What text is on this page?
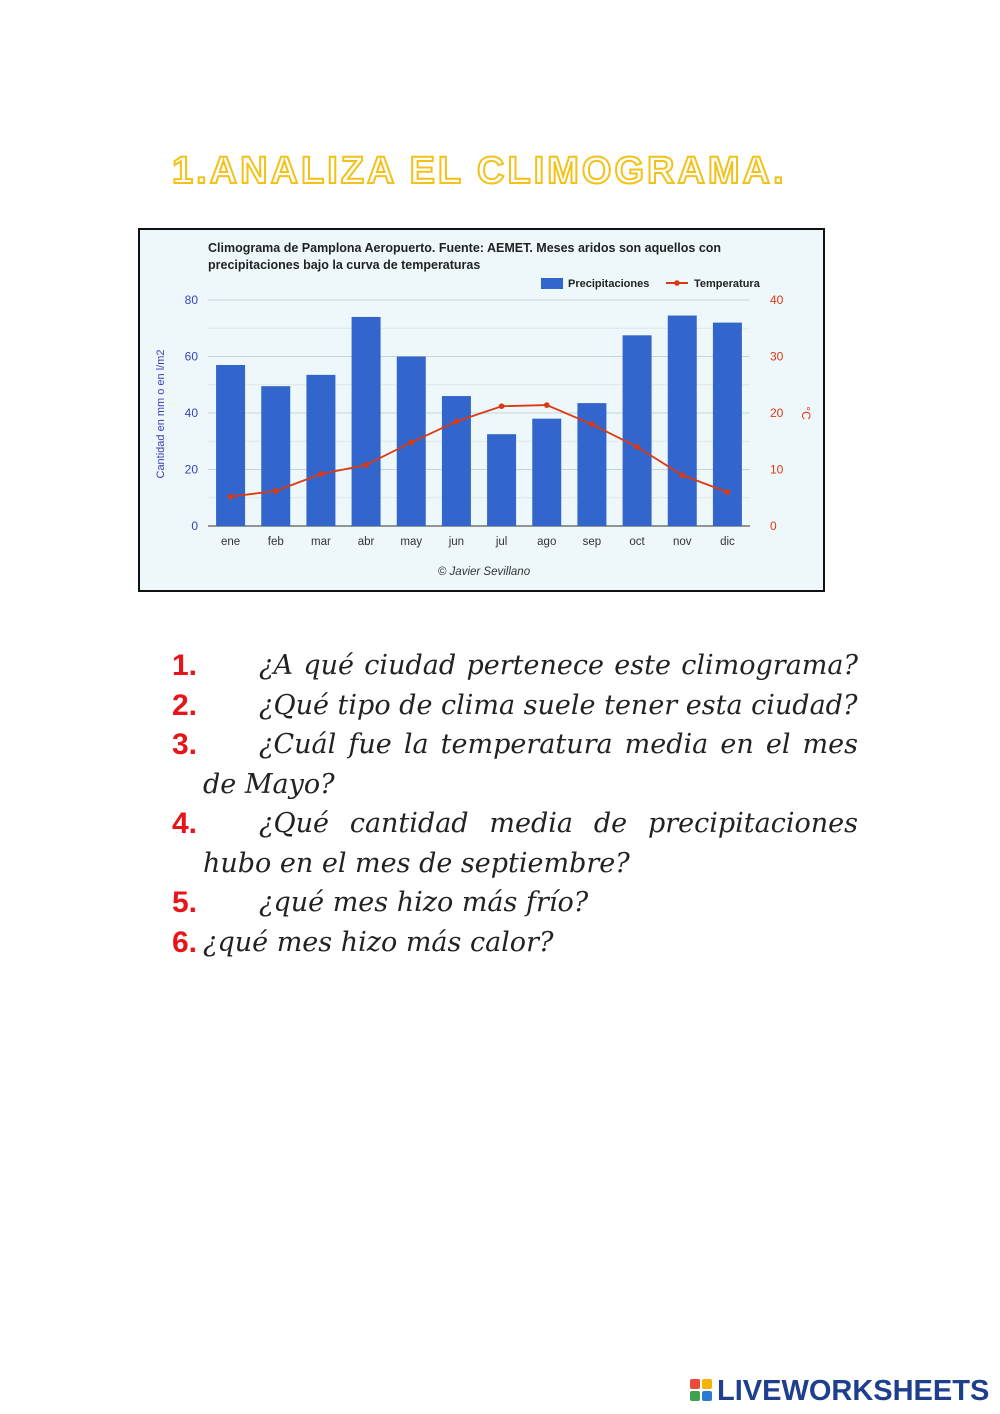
1.ANALIZA EL CLIMOGRAMA.
Climograma de Pamplona Aeropuerto. Fuente: AEMET. Meses aridos son aquellos con
precipitaciones bajo la curva de temperaturas
0
20
40
60
80
0
10
20
30
40
Cantidad en mm o en l/m2	°C
ene feb mar abr may jun	jul	ago sep oct nov dic
Precipitaciones	Temperatura
© Javier Sevillano
1.	¿A qué ciudad pertenece este climograma?
2.	¿Qué tipo de clima suele tener esta ciudad?
3.	¿Cuál fue la temperatura media en el mes de Mayo?
4.	¿Qué cantidad media de precipitaciones hubo en el mes de septiembre?
5.	¿qué mes hizo más frío?
6. ¿qué mes hizo más calor?
LIVEWORKSHEETS
